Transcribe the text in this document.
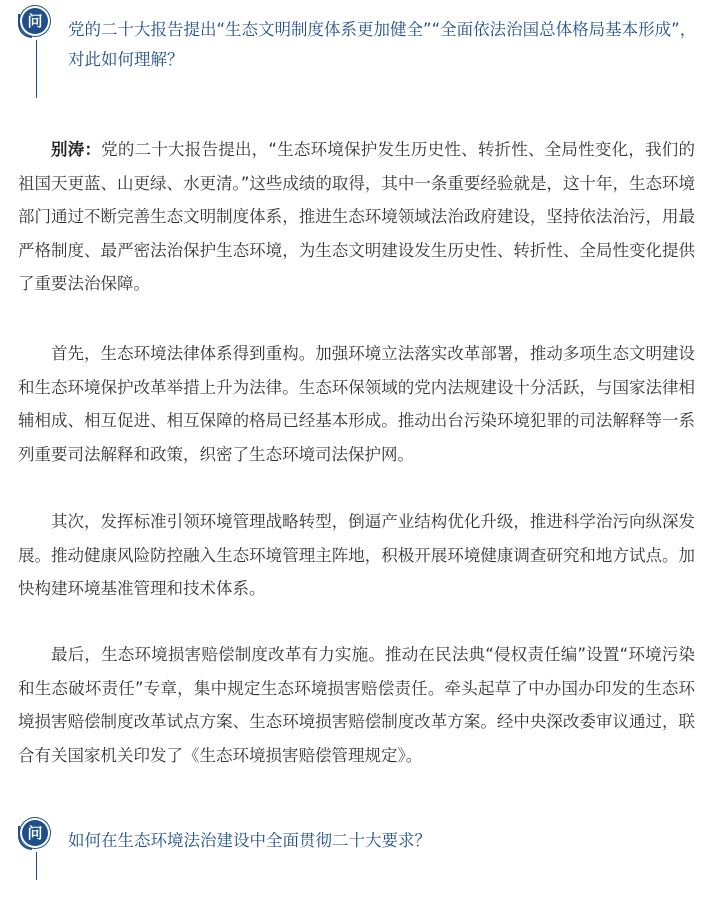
问	党的二十大报告提出“生态文明制度体系更加健全”“全面依法治国总体格局基本形成”，对此如何理解？

别涛：党的二十大报告提出，“生态环境保护发生历史性、转折性、全局性变化，我们的祖国天更蓝、山更绿、水更清。”这些成绩的取得，其中一条重要经验就是，这十年，生态环境部门通过不断完善生态文明制度体系，推进生态环境领域法治政府建设，坚持依法治污，用最严格制度、最严密法治保护生态环境，为生态文明建设发生历史性、转折性、全局性变化提供了重要法治保障。

首先，生态环境法律体系得到重构。加强环境立法落实改革部署，推动多项生态文明建设和生态环境保护改革举措上升为法律。生态环保领域的党内法规建设十分活跃，与国家法律相辅相成、相互促进、相互保障的格局已经基本形成。推动出台污染环境犯罪的司法解释等一系列重要司法解释和政策，织密了生态环境司法保护网。

其次，发挥标准引领环境管理战略转型，倒逼产业结构优化升级，推进科学治污向纵深发展。推动健康风险防控融入生态环境管理主阵地，积极开展环境健康调查研究和地方试点。加快构建环境基准管理和技术体系。

最后，生态环境损害赔偿制度改革有力实施。推动在民法典“侵权责任编”设置“环境污染和生态破坏责任”专章，集中规定生态环境损害赔偿责任。牵头起草了中办国办印发的生态环境损害赔偿制度改革试点方案、生态环境损害赔偿制度改革方案。经中央深改委审议通过，联合有关国家机关印发了《生态环境损害赔偿管理规定》。

问	如何在生态环境法治建设中全面贯彻二十大要求？
